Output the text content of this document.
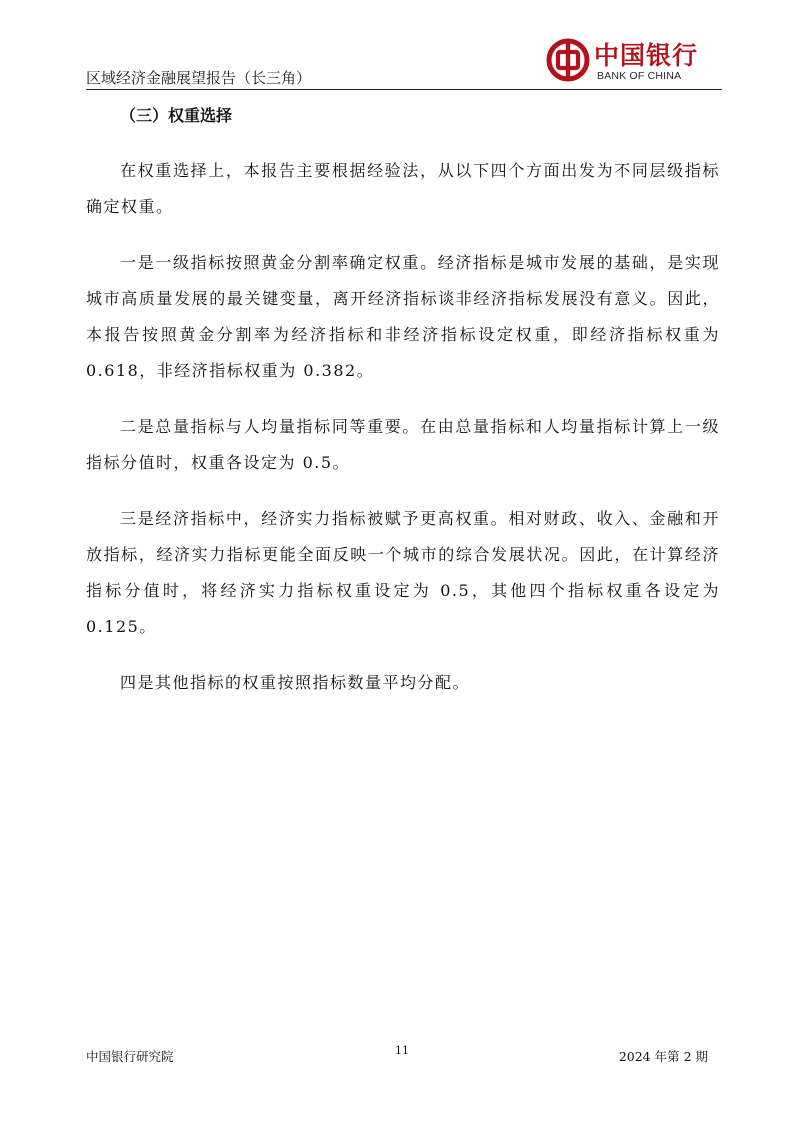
区域经济金融展望报告（长三角）
中国银行
BANK OF CHINA
（三）权重选择

在权重选择上，本报告主要根据经验法，从以下四个方面出发为不同层级指标确定权重。

一是一级指标按照黄金分割率确定权重。经济指标是城市发展的基础，是实现城市高质量发展的最关键变量，离开经济指标谈非经济指标发展没有意义。因此，本报告按照黄金分割率为经济指标和非经济指标设定权重，即经济指标权重为 0.618，非经济指标权重为 0.382。

二是总量指标与人均量指标同等重要。在由总量指标和人均量指标计算上一级指标分值时，权重各设定为 0.5。

三是经济指标中，经济实力指标被赋予更高权重。相对财政、收入、金融和开放指标，经济实力指标更能全面反映一个城市的综合发展状况。因此，在计算经济指标分值时，将经济实力指标权重设定为 0.5，其他四个指标权重各设定为 0.125。

四是其他指标的权重按照指标数量平均分配。

中国银行研究院	11	2024 年第 2 期
